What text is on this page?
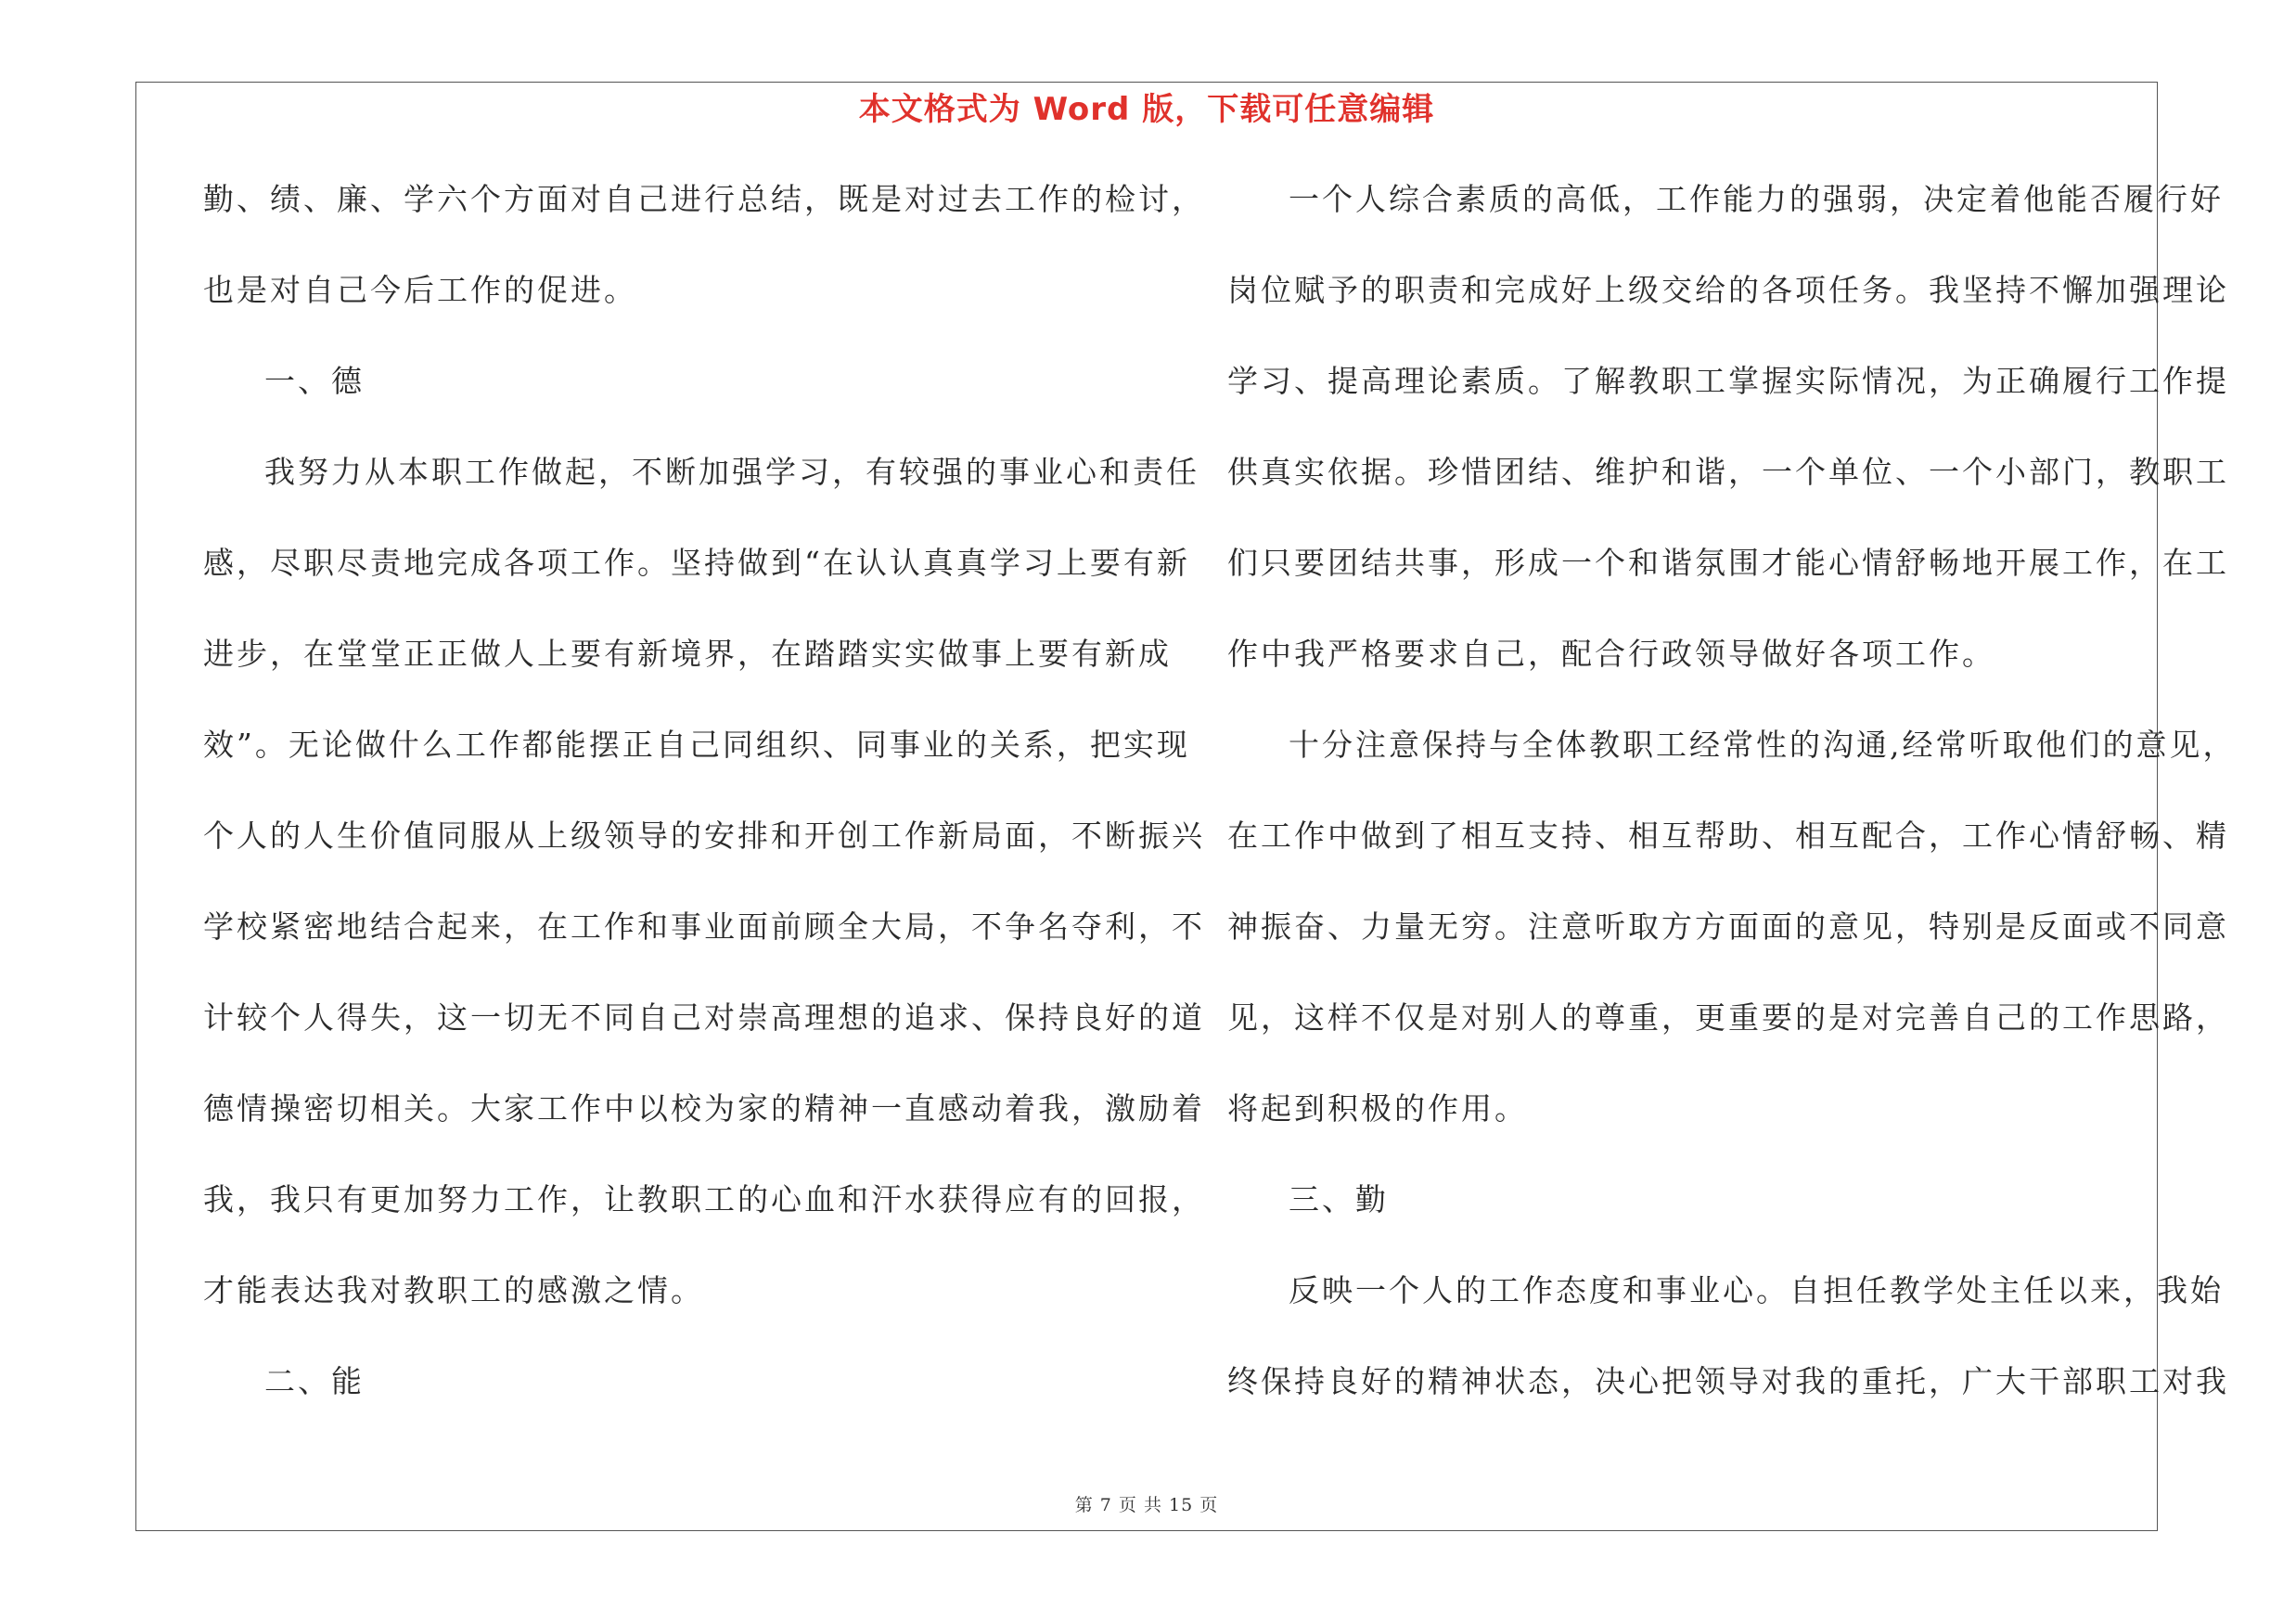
本文格式为 Word 版，下载可任意编辑
勤、绩、廉、学六个方面对自己进行总结，既是对过去工作的检讨，
也是对自己今后工作的促进。
一、德
我努力从本职工作做起，不断加强学习，有较强的事业心和责任
感，尽职尽责地完成各项工作。坚持做到“在认认真真学习上要有新
进步，在堂堂正正做人上要有新境界，在踏踏实实做事上要有新成
效”。无论做什么工作都能摆正自己同组织、同事业的关系，把实现
个人的人生价值同服从上级领导的安排和开创工作新局面，不断振兴
学校紧密地结合起来，在工作和事业面前顾全大局，不争名夺利，不
计较个人得失，这一切无不同自己对崇高理想的追求、保持良好的道
德情操密切相关。大家工作中以校为家的精神一直感动着我，激励着
我，我只有更加努力工作，让教职工的心血和汗水获得应有的回报，
才能表达我对教职工的感激之情。
二、能
一个人综合素质的高低，工作能力的强弱，决定着他能否履行好
岗位赋予的职责和完成好上级交给的各项任务。我坚持不懈加强理论
学习、提高理论素质。了解教职工掌握实际情况，为正确履行工作提
供真实依据。珍惜团结、维护和谐，一个单位、一个小部门，教职工
们只要团结共事，形成一个和谐氛围才能心情舒畅地开展工作，在工
作中我严格要求自己，配合行政领导做好各项工作。
十分注意保持与全体教职工经常性的沟通,经常听取他们的意见，
在工作中做到了相互支持、相互帮助、相互配合，工作心情舒畅、精
神振奋、力量无穷。注意听取方方面面的意见，特别是反面或不同意
见，这样不仅是对别人的尊重，更重要的是对完善自己的工作思路，
将起到积极的作用。
三、勤
反映一个人的工作态度和事业心。自担任教学处主任以来，我始
终保持良好的精神状态，决心把领导对我的重托，广大干部职工对我
第 7 页 共 15 页
